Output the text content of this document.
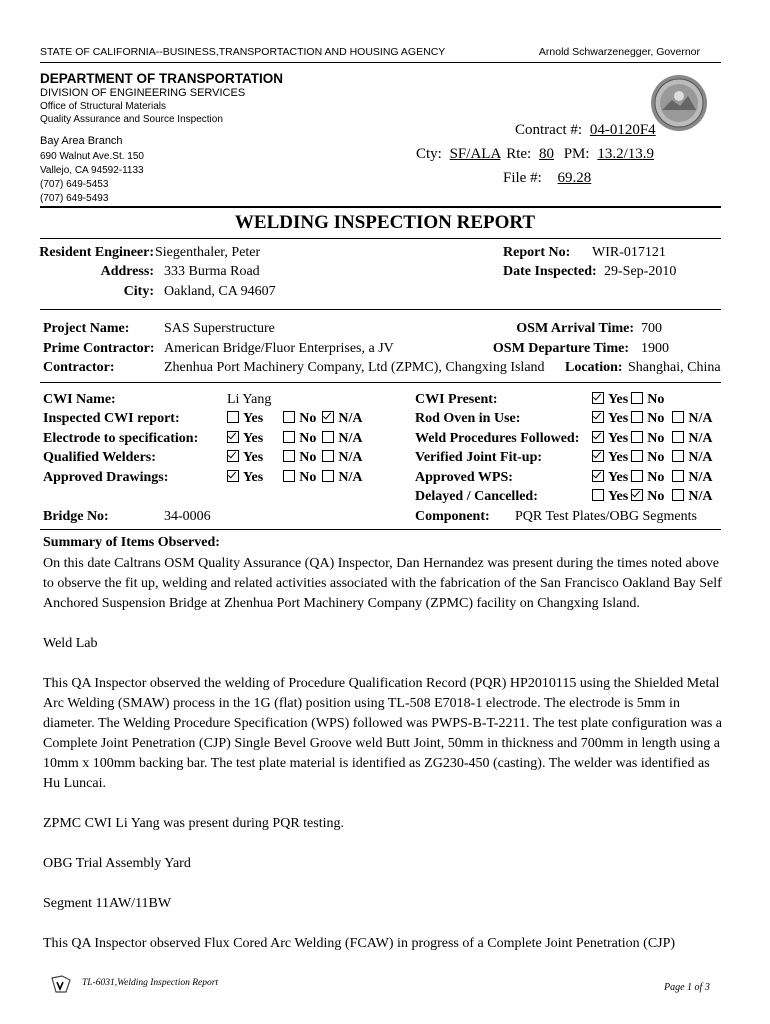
STATE OF CALIFORNIA--BUSINESS,TRANSPORTACTION AND HOUSING AGENCY	Arnold Schwarzenegger, Governor
DEPARTMENT OF TRANSPORTATION
DIVISION OF ENGINEERING SERVICES
Office of Structural Materials
Quality Assurance and Source Inspection
Bay Area Branch
690 Walnut Ave.St. 150
Vallejo, CA 94592-1133
(707) 649-5453
(707) 649-5493
Contract #: 04-0120F4
Cty: SF/ALA Rte: 80 PM: 13.2/13.9
File #: 69.28
WELDING INSPECTION REPORT
Resident Engineer: Siegenthaler, Peter
Address: 333 Burma Road
City: Oakland, CA 94607
Report No: WIR-017121
Date Inspected: 29-Sep-2010
Project Name: SAS Superstructure
Prime Contractor: American Bridge/Fluor Enterprises, a JV
Contractor:	Zhenhua Port Machinery Company, Ltd (ZPMC), Changxing Island
OSM Arrival Time: 700
OSM Departure Time: 1900
Location: Shanghai, China
CWI Name:	Li Yang
Inspected CWI report:	Yes	No N/A
Electrode to specification:	Yes	No N/A
Qualified Welders:	Yes	No N/A
Approved Drawings:	Yes	No N/A
CWI Present:	Yes No
Rod Oven in Use:	Yes No N/A
Weld Procedures Followed:	Yes No N/A
Verified Joint Fit-up:	Yes No N/A
Approved WPS:	Yes No N/A
Delayed / Cancelled:	Yes No N/A
Bridge No:	34-0006	Component: PQR Test Plates/OBG Segments
Summary of Items Observed:

On this date Caltrans OSM Quality Assurance (QA) Inspector, Dan Hernandez was present during the times noted above to observe the fit up, welding and related activities associated with the fabrication of the San Francisco Oakland Bay Self Anchored Suspension Bridge at Zhenhua Port Machinery Company (ZPMC) facility on Changxing Island.

Weld Lab

This QA Inspector observed the welding of Procedure Qualification Record (PQR) HP2010115 using the Shielded Metal Arc Welding (SMAW) process in the 1G (flat) position using TL-508 E7018-1 electrode. The electrode is 5mm in diameter. The Welding Procedure Specification (WPS) followed was PWPS-B-T-2211. The test plate configuration was a Complete Joint Penetration (CJP) Single Bevel Groove weld Butt Joint, 50mm in thickness and 700mm in length using a 10mm x 100mm backing bar. The test plate material is identified as ZG230-450 (casting). The welder was identified as Hu Luncai.

ZPMC CWI Li Yang was present during PQR testing.

OBG Trial Assembly Yard

Segment 11AW/11BW

This QA Inspector observed Flux Cored Arc Welding (FCAW) in progress of a Complete Joint Penetration (CJP)

TL-6031,Welding Inspection Report	Page 1 of 3
